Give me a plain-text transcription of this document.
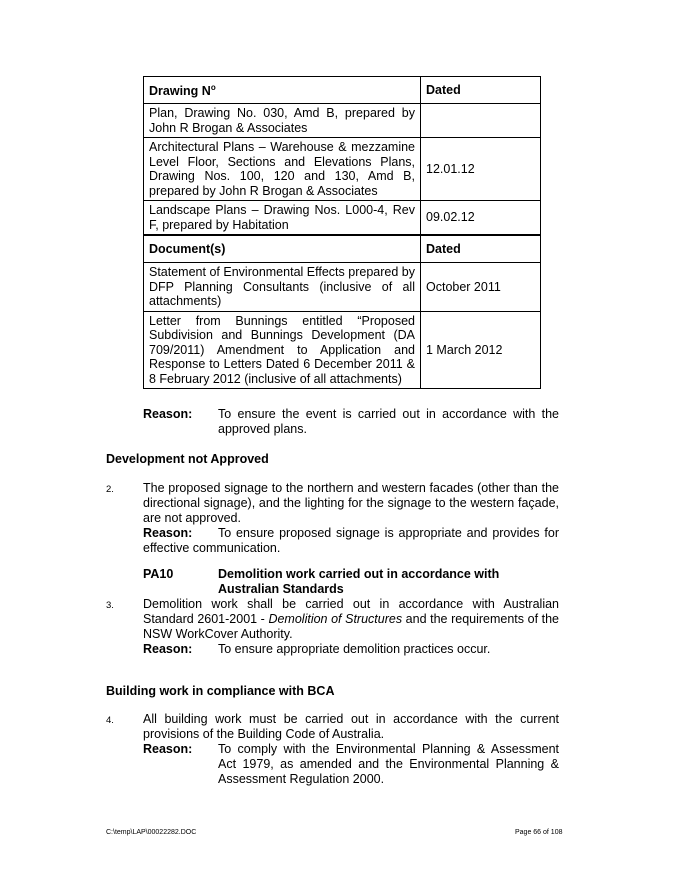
Drawing $N^o$	Dated
Plan, Drawing No. 030, Amd B, prepared by John R Brogan & Associates	
Architectural Plans – Warehouse & mezzamine Level Floor, Sections and Elevations Plans, Drawing Nos. 100, 120 and 130, Amd B, prepared by John R Brogan & Associates	12.01.12
Landscape Plans – Drawing Nos. L000-4, Rev F, prepared by Habitation	09.02.12
Document(s)	Dated
Statement of Environmental Effects prepared by DFP Planning Consultants (inclusive of all attachments)	October 2011
Letter from Bunnings entitled “Proposed Subdivision and Bunnings Development (DA 709/2011) Amendment to Application and Response to Letters Dated 6 December 2011 & 8 February 2012 (inclusive of all attachments)	1 March 2012
Reason: To ensure the event is carried out in accordance with the approved plans.
Development not Approved
2. The proposed signage to the northern and western facades (other than the directional signage), and the lighting for the signage to the western façade, are not approved.
Reason: To ensure proposed signage is appropriate and provides for effective communication.
PA10	Demolition work carried out in accordance with Australian Standards
3. Demolition work shall be carried out in accordance with Australian Standard 2601-2001 - Demolition of Structures and the requirements of the NSW WorkCover Authority.
Reason: To ensure appropriate demolition practices occur.
Building work in compliance with BCA
4. All building work must be carried out in accordance with the current provisions of the Building Code of Australia.
Reason: To comply with the Environmental Planning & Assessment Act 1979, as amended and the Environmental Planning & Assessment Regulation 2000.
C:\temp\LAP\00022282.DOC	Page 66 of 108
